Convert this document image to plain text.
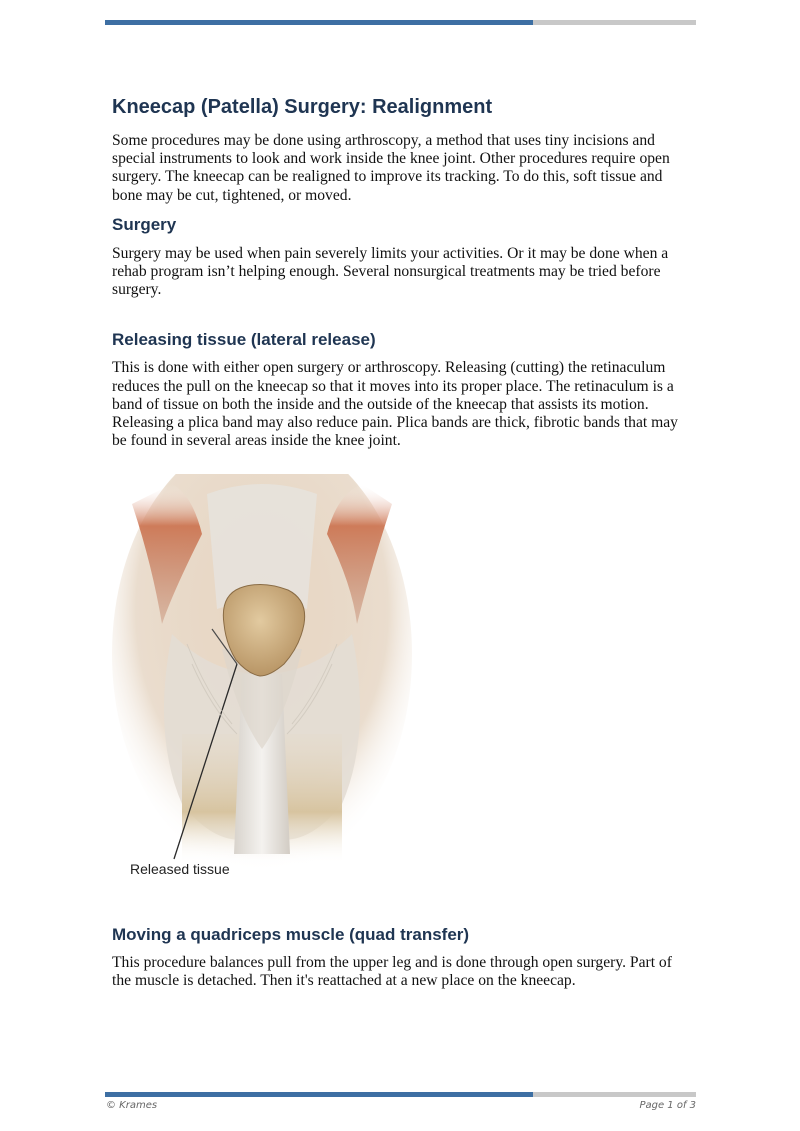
Kneecap (Patella) Surgery: Realignment

Some procedures may be done using arthroscopy, a method that uses tiny incisions and special instruments to look and work inside the knee joint. Other procedures require open surgery. The kneecap can be realigned to improve its tracking. To do this, soft tissue and bone may be cut, tightened, or moved.

Surgery

Surgery may be used when pain severely limits your activities. Or it may be done when a rehab program isn’t helping enough. Several nonsurgical treatments may be tried before surgery.

Releasing tissue (lateral release)

This is done with either open surgery or arthroscopy. Releasing (cutting) the retinaculum reduces the pull on the kneecap so that it moves into its proper place. The retinaculum is a band of tissue on both the inside and the outside of the kneecap that assists its motion. Releasing a plica band may also reduce pain. Plica bands are thick, fibrotic bands that may be found in several areas inside the knee joint.

Released tissue
Moving a quadriceps muscle (quad transfer)

This procedure balances pull from the upper leg and is done through open surgery. Part of the muscle is detached. Then it's reattached at a new place on the kneecap.

© Krames	Page 1 of 3
